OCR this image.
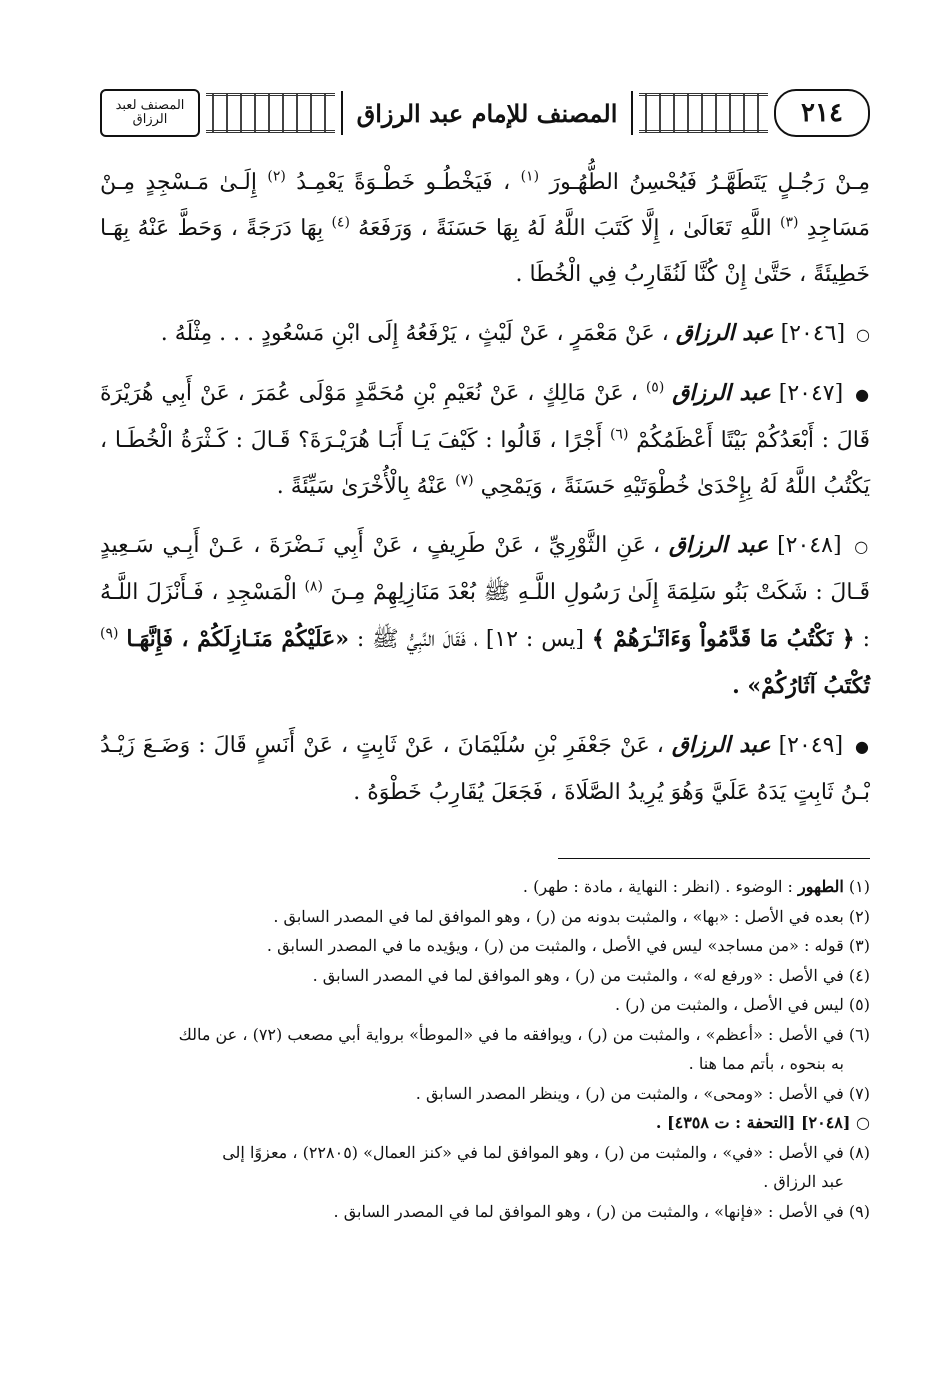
٢١٤
المصنف للإمام عبد الرزاق
المصنف لعبد الرزاق

مِـنْ رَجُـلٍ يَتَطَهَّـرُ فَيُحْسِنُ الطُّهُـورَ $^{(١)}$ ، فَيَخْطُـو خَطْـوَةً يَعْمِـدُ $^{(٢)}$ إِلَـىٰ مَـسْجِدٍ مِـنْ مَسَاجِدِ $^{(٣)}$ اللَّهِ تَعَالَىٰ ، إِلَّا كَتَبَ اللَّهُ لَهُ بِهَا حَسَنَةً ، وَرَفَعَهُ $^{(٤)}$ بِهَا دَرَجَةً ، وَحَطَّ عَنْهُ بِهَـا خَطِيئَةً ، حَتَّىٰ إِنْ كُنَّا لَنُقَارِبُ فِي الْخُطَا .

○ [٢٠٤٦] عبد الرزاق ، عَنْ مَعْمَرٍ ، عَنْ لَيْثٍ ، يَرْفَعُهُ إِلَى ابْنِ مَسْعُودٍ . . . مِثْلَهُ .

● [٢٠٤٧] عبد الرزاق $^{(٥)}$ ، عَنْ مَالِكٍ ، عَنْ نُعَيْمِ بْنِ مُحَمَّدٍ مَوْلَى عُمَرَ ، عَنْ أَبِي هُرَيْرَةَ قَالَ : أَبْعَدُكُمْ بَيْتًا أَعْظَمُكُمْ $^{(٦)}$ أَجْرًا ، قَالُوا : كَيْفَ يَـا أَبَـا هُرَيْـرَةَ؟ قَـالَ : كَـثْرَةُ الْخُطَـا ، يَكْتُبُ اللَّهُ لَهُ بِإِحْدَىٰ خُطْوَتَيْهِ حَسَنَةً ، وَيَمْحِي $^{(٧)}$ عَنْهُ بِالْأُخْرَىٰ سَيِّئَةً .

○ [٢٠٤٨] عبد الرزاق ، عَنِ الثَّوْرِيِّ ، عَنْ طَرِيفٍ ، عَنْ أَبِي نَـضْرَةَ ، عَـنْ أَبِـي سَـعِيدٍ قَـالَ : شَكَتْ بَنُو سَلِمَةَ إِلَىٰ رَسُولِ اللَّـهِ ﷺ بُعْدَ مَنَازِلِهِمْ مِـنَ $^{(٨)}$ الْمَسْجِدِ ، فَـأَنْزَلَ اللَّـهُ : ﴿ نَكْتُبُ مَا قَدَّمُواْ وَءَاثَـٰرَهُمْ ﴾ [يس : ١٢] ، فَقَالَ النَّبِيُّ ﷺ : «عَلَيْكُمْ مَنَـازِلَكُمْ ، فَإِنَّهَـا $^{(٩)}$ تُكْتَبُ آثَارُكُمْ» .

● [٢٠٤٩] عبد الرزاق ، عَنْ جَعْفَرِ بْنِ سُلَيْمَانَ ، عَنْ ثَابِتٍ ، عَنْ أَنَسٍ قَالَ : وَضَـعَ زَيْـدُ بْـنُ ثَابِتٍ يَدَهُ عَلَيَّ وَهُوَ يُرِيدُ الصَّلَاةَ ، فَجَعَلَ يُقَارِبُ خَطْوَهُ .

(١) الطهور : الوضوء . (انظر : النهاية ، مادة : طهر) .

(٢) بعده في الأصل : «بها» ، والمثبت بدونه من (ر) ، وهو الموافق لما في المصدر السابق .

(٣) قوله : «من مساجد» ليس في الأصل ، والمثبت من (ر) ، ويؤيده ما في المصدر السابق .

(٤) في الأصل : «ورفع له» ، والمثبت من (ر) ، وهو الموافق لما في المصدر السابق .

(٥) ليس في الأصل ، والمثبت من (ر) .

(٦) في الأصل : «أعظم» ، والمثبت من (ر) ، ويوافقه ما في «الموطأ» برواية أبي مصعب (٧٢) ، عن مالك

به بنحوه ، بأتم مما هنا .

(٧) في الأصل : «ومحى» ، والمثبت من (ر) ، وينظر المصدر السابق .

○ [٢٠٤٨] [التحفة : ت ٤٣٥٨] .

(٨) في الأصل : «في» ، والمثبت من (ر) ، وهو الموافق لما في «كنز العمال» (٢٢٨٠٥) ، معزوًا إلى

عبد الرزاق .

(٩) في الأصل : «فإنها» ، والمثبت من (ر) ، وهو الموافق لما في المصدر السابق .
